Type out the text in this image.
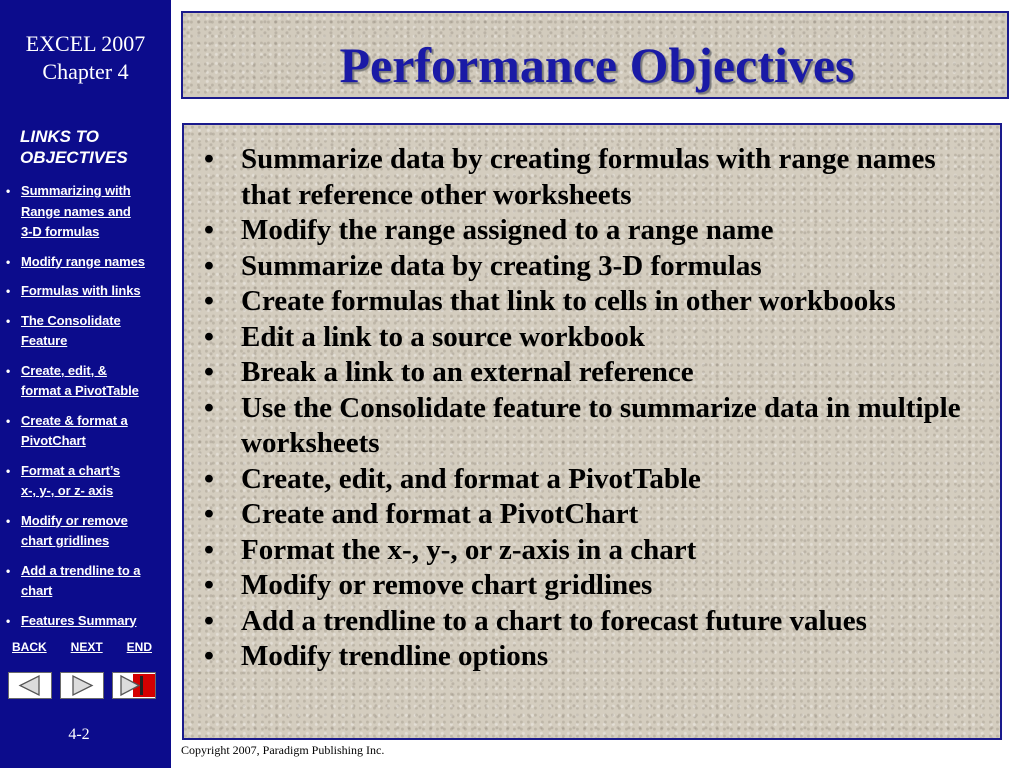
EXCEL 2007
Chapter 4
LINKS TO
OBJECTIVES
• Summarizing with
Range names and
3-D formulas
• Modify range names
• Formulas with links
• The Consolidate
Feature
• Create, edit, &
format a PivotTable
• Create & format a
PivotChart
• Format a chart’s
x-, y-, or z- axis
• Modify or remove
chart gridlines
• Add a trendline to a
chart
• Features Summary
BACK NEXT END
4-2
Performance Objectives
• Summarize data by creating formulas with range names that reference other worksheets
• Modify the range assigned to a range name
• Summarize data by creating 3-D formulas
• Create formulas that link to cells in other workbooks
• Edit a link to a source workbook
• Break a link to an external reference
• Use the Consolidate feature to summarize data in multiple worksheets
• Create, edit, and format a PivotTable
• Create and format a PivotChart
• Format the x-, y-, or z-axis in a chart
• Modify or remove chart gridlines
• Add a trendline to a chart to forecast future values
• Modify trendline options
Copyright 2007, Paradigm Publishing Inc.
